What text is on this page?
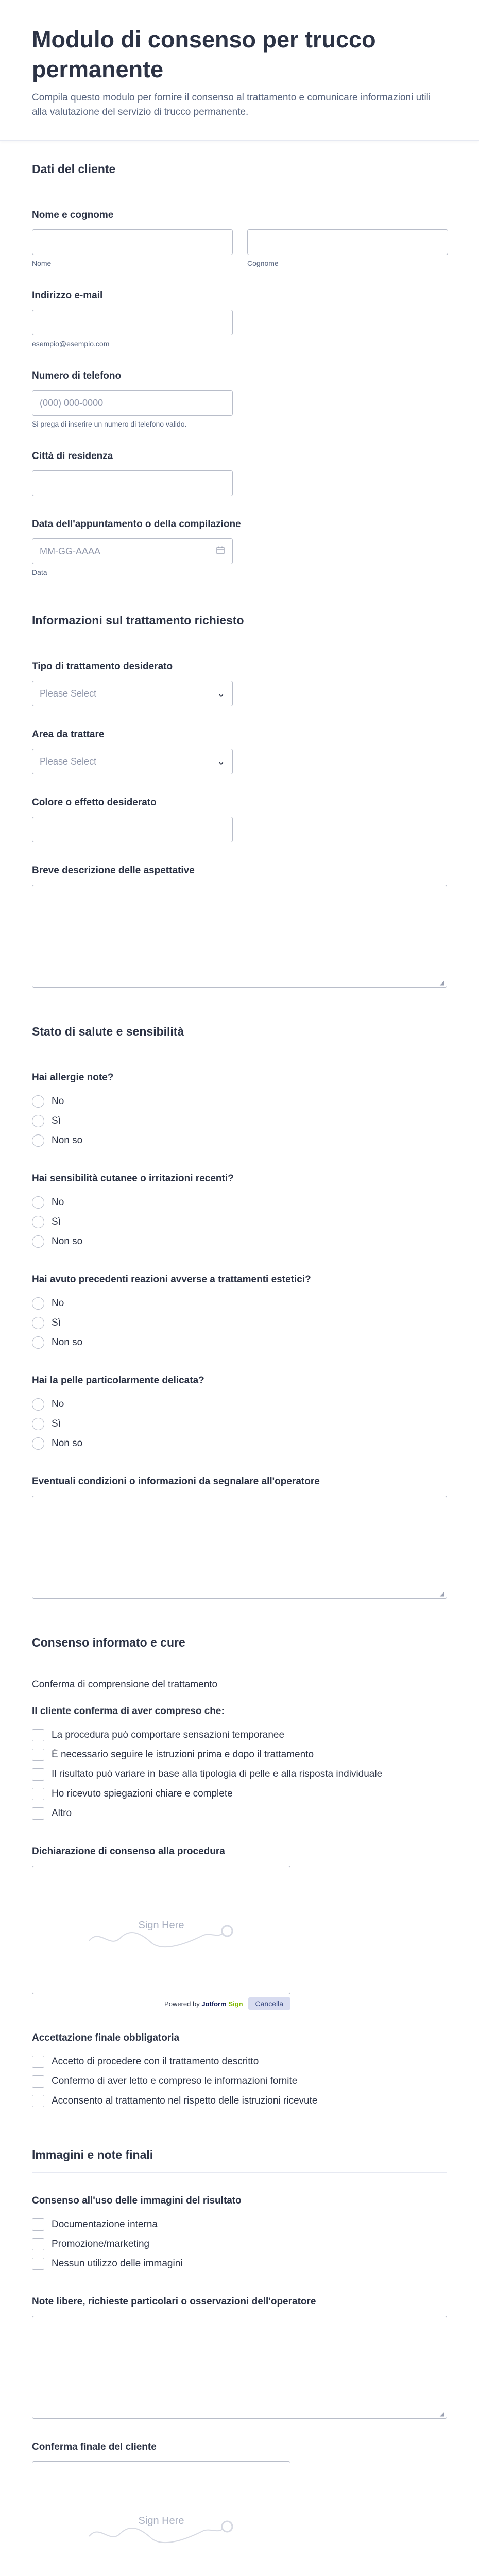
Modulo di consenso per trucco permanente

Compila questo modulo per fornire il consenso al trattamento e comunicare informazioni utili alla valutazione del servizio di trucco permanente.

Dati del cliente
Nome e cognome
Nome	Cognome
Indirizzo e-mail
esempio@esempio.com
Numero di telefono
(000) 000-0000
Si prega di inserire un numero di telefono valido.
Città di residenza
Data dell'appuntamento o della compilazione
MM-GG-AAAA
Data
Informazioni sul trattamento richiesto
Tipo di trattamento desiderato
Please Select	⌄
Area da trattare
Please Select	⌄
Colore o effetto desiderato
Breve descrizione delle aspettative
◢
Stato di salute e sensibilità
Hai allergie note?
No
Sì
Non so
Hai sensibilità cutanee o irritazioni recenti?
No
Sì
Non so
Hai avuto precedenti reazioni avverse a trattamenti estetici?
No
Sì
Non so
Hai la pelle particolarmente delicata?
No
Sì
Non so
Eventuali condizioni o informazioni da segnalare all'operatore
◢
Consenso informato e cure
Conferma di comprensione del trattamento
Il cliente conferma di aver compreso che:
La procedura può comportare sensazioni temporanee
È necessario seguire le istruzioni prima e dopo il trattamento
Il risultato può variare in base alla tipologia di pelle e alla risposta individuale
Ho ricevuto spiegazioni chiare e complete
Altro
Dichiarazione di consenso alla procedura
Sign Here
Powered by Jotform Sign	Cancella
Accettazione finale obbligatoria
Accetto di procedere con il trattamento descritto
Confermo di aver letto e compreso le informazioni fornite
Acconsento al trattamento nel rispetto delle istruzioni ricevute
Immagini e note finali
Consenso all'uso delle immagini del risultato
Documentazione interna
Promozione/marketing
Nessun utilizzo delle immagini
Note libere, richieste particolari o osservazioni dell'operatore
◢
Conferma finale del cliente
Sign Here
